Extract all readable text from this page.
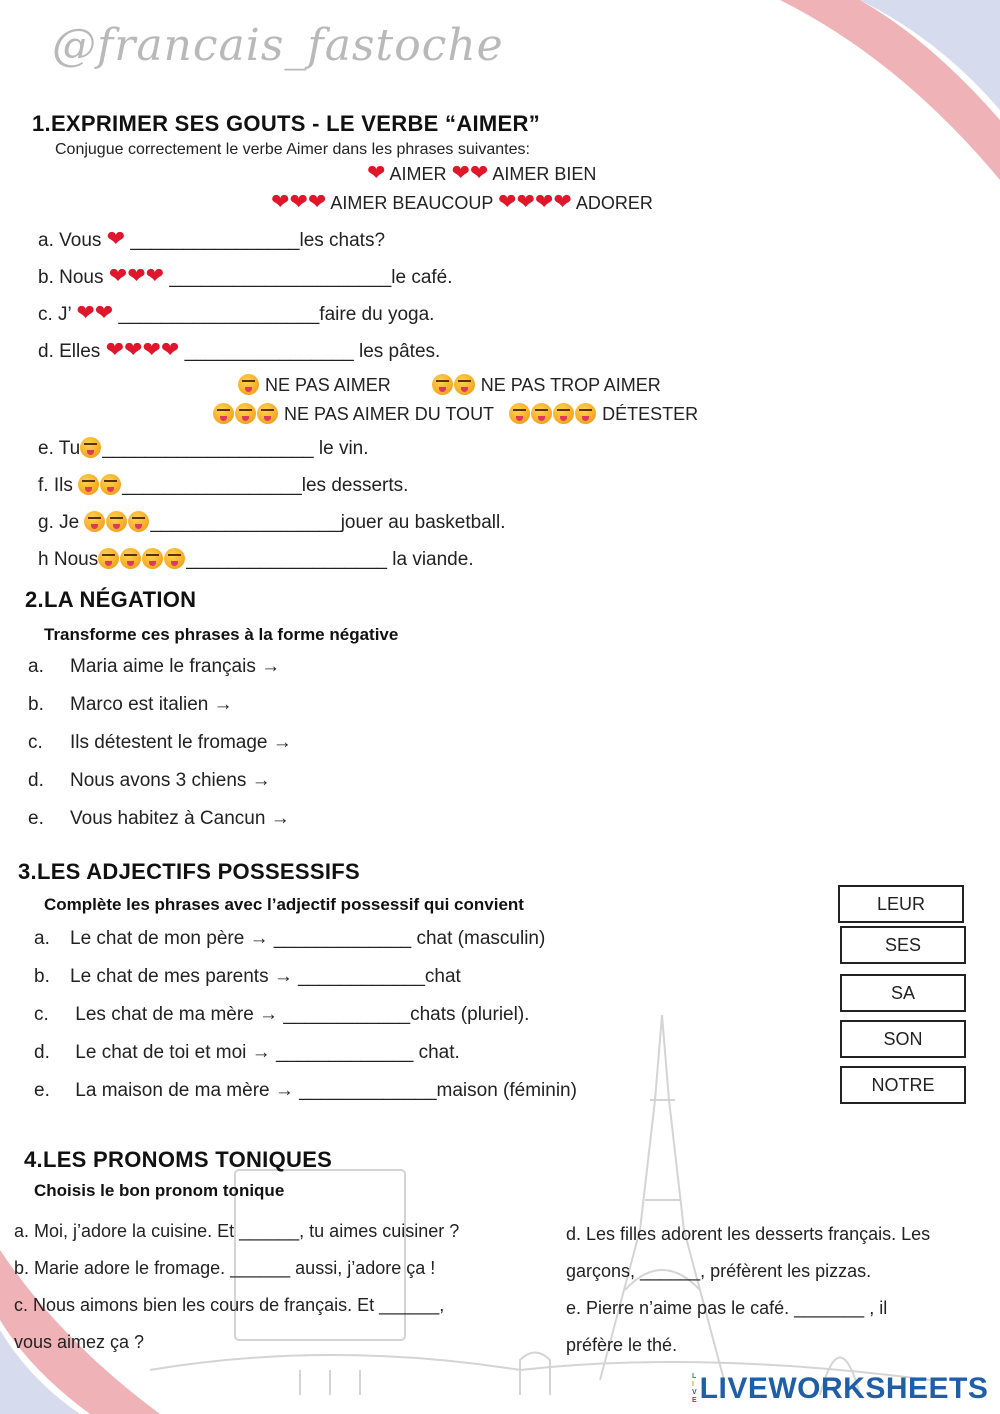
@francais_fastoche
1.EXPRIMER SES GOUTS - LE VERBE “AIMER”
Conjugue correctement le verbe Aimer dans les phrases suivantes:
❤ AIMER ❤❤ AIMER BIEN
❤❤❤ AIMER BEAUCOUP ❤❤❤❤ ADORER
a. Vous ❤ ________________les chats?
b. Nous ❤❤❤ _____________________le café.
c. J’ ❤❤ ___________________faire du yoga.
d. Elles ❤❤❤❤ ________________ les pâtes.
NE PAS AIMER	NE PAS TROP AIMER
NE PAS AIMER DU TOUT	DÉTESTER
e. Tu ____________________ le vin.
f. Ils	_________________les desserts.
g. Je	__________________jouer au basketball.
h Nous	___________________ la viande.
2.LA NÉGATION
Transforme ces phrases à la forme négative
a. Maria aime le français →
b. Marco est italien →
c. Ils détestent le fromage →
d. Nous avons 3 chiens →
e. Vous habitez à Cancun →
3.LES ADJECTIFS POSSESSIFS
Complète les phrases avec l’adjectif possessif qui convient
a. Le chat de mon père → _____________ chat (masculin)
b. Le chat de mes parents → ____________chat
c. Les chat de ma mère → ____________chats (pluriel).
d. Le chat de toi et moi → _____________ chat.
e. La maison de ma mère → _____________maison (féminin)
LEUR
SES
SA
SON
NOTRE
4.LES PRONOMS TONIQUES
Choisis le bon pronom tonique
a. Moi, j’adore la cuisine. Et ______, tu aimes cuisiner ?
b. Marie adore le fromage. ______ aussi, j’adore ça !
c. Nous aimons bien les cours de français. Et ______,
vous aimez ça ?
d. Les filles adorent les desserts français. Les
garçons, ______, préfèrent les pizzas.
e. Pierre n’aime pas le café. _______ , il
préfère le thé.
L
I
V
E LIVEWORKSHEETS
